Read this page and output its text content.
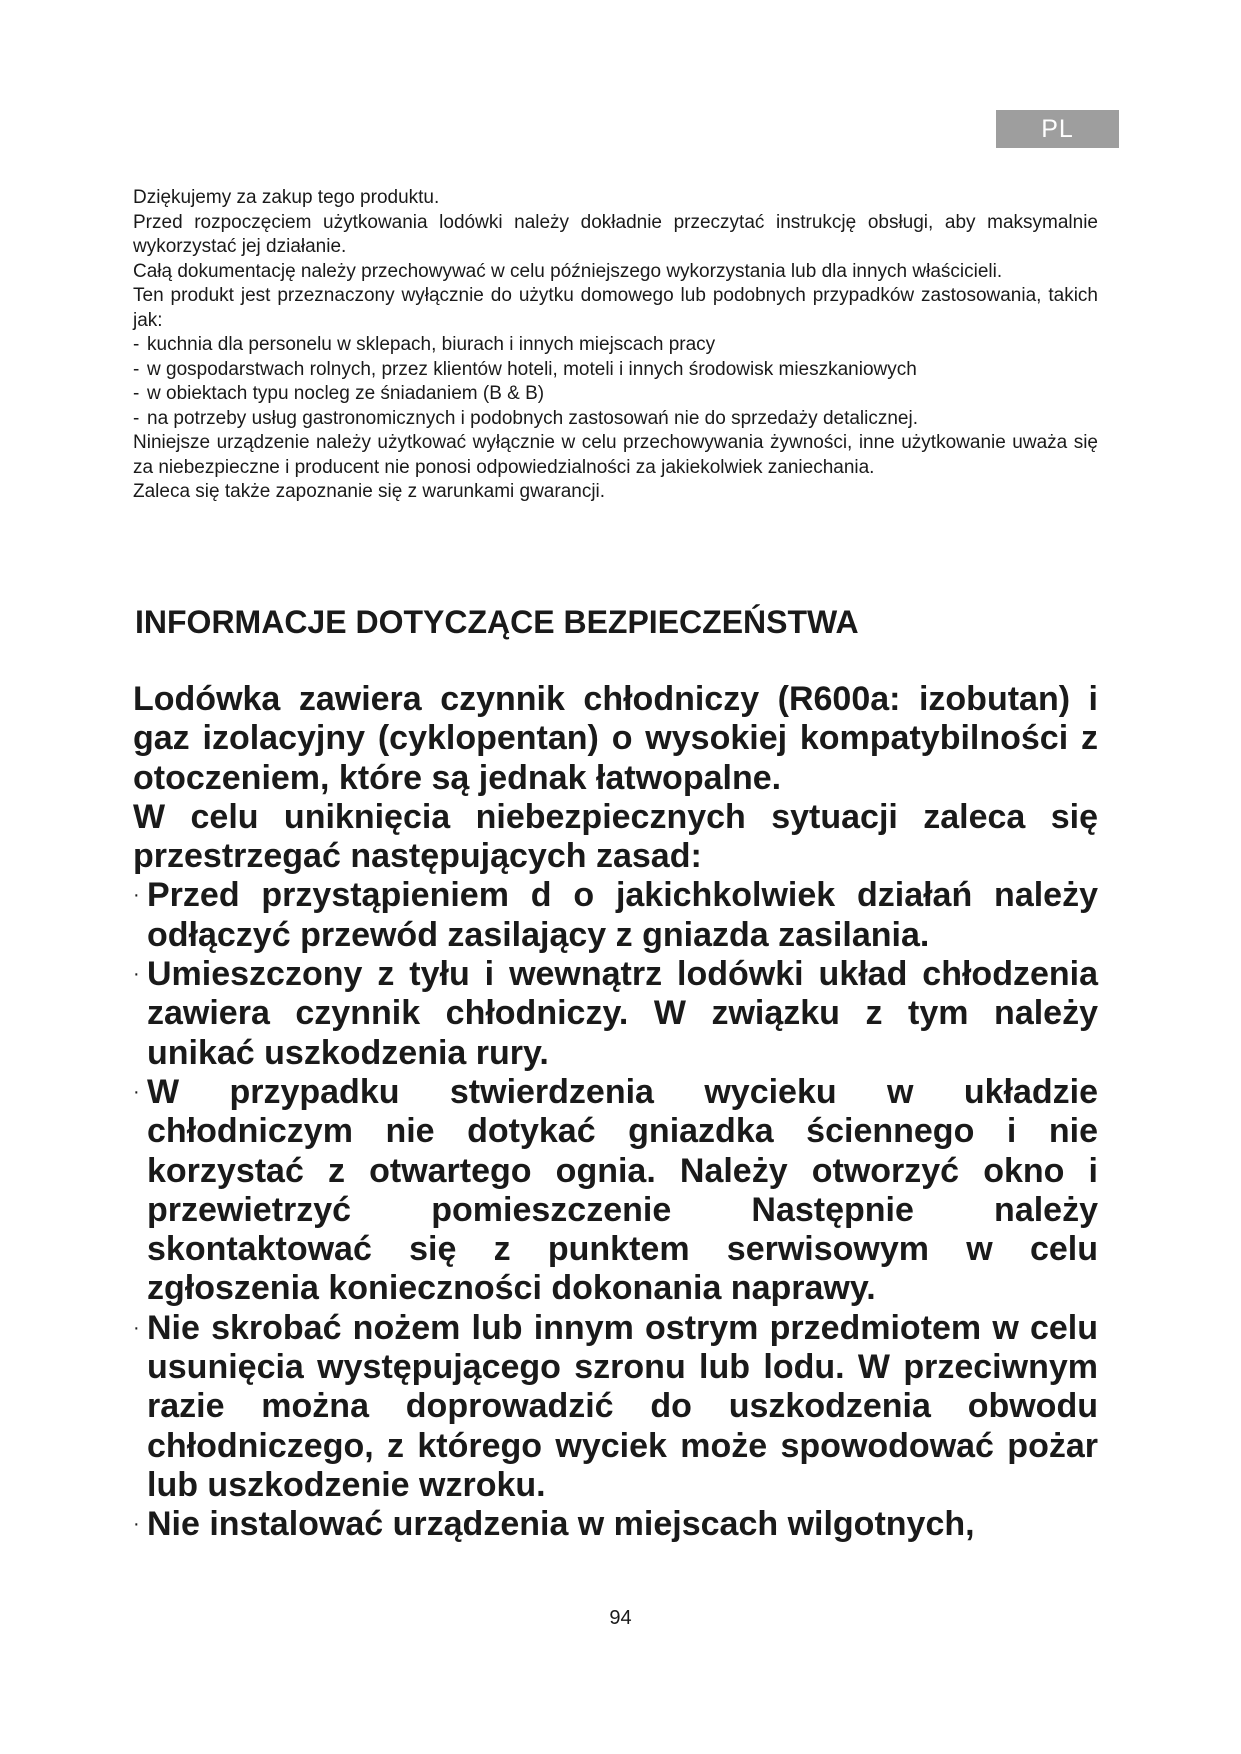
PL

Dziękujemy za zakup tego produktu.

Przed rozpoczęciem użytkowania lodówki należy dokładnie przeczytać instrukcję obsługi, aby maksymalnie wykorzystać jej działanie.

Całą dokumentację należy przechowywać w celu późniejszego wykorzystania lub dla innych właścicieli.

Ten produkt jest przeznaczony wyłącznie do użytku domowego lub podobnych przypadków zastosowania, takich jak:

- kuchnia dla personelu w sklepach, biurach i innych miejscach pracy
- w gospodarstwach rolnych, przez klientów hoteli, moteli i innych środowisk mieszkaniowych
- w obiektach typu nocleg ze śniadaniem (B & B)
- na potrzeby usług gastronomicznych i podobnych zastosowań nie do sprzedaży detalicznej.

Niniejsze urządzenie należy użytkować wyłącznie w celu przechowywania żywności, inne użytkowanie uważa się za niebezpieczne i producent nie ponosi odpowiedzialności za jakiekolwiek zaniechania.

Zaleca się także zapoznanie się z warunkami gwarancji.

INFORMACJE DOTYCZĄCE BEZPIECZEŃSTWA

Lodówka zawiera czynnik chłodniczy (R600a: izobutan) i gaz izolacyjny (cyklopentan) o wysokiej kompatybilności z otoczeniem, które są jednak łatwopalne.

W celu uniknięcia niebezpiecznych sytuacji zaleca się przestrzegać następujących zasad:

· Przed przystąpieniem d o jakichkolwiek działań należy odłączyć przewód zasilający z gniazda zasilania.
· Umieszczony z tyłu i wewnątrz lodówki układ chłodzenia zawiera czynnik chłodniczy. W związku z tym należy unikać uszkodzenia rury.
· W przypadku stwierdzenia wycieku w układzie chłodniczym nie dotykać gniazdka ściennego i nie korzystać z otwartego ognia. Należy otworzyć okno i przewietrzyć pomieszczenie Następnie należy skontaktować się z punktem serwisowym w celu zgłoszenia konieczności dokonania naprawy.
· Nie skrobać nożem lub innym ostrym przedmiotem w celu usunięcia występującego szronu lub lodu. W przeciwnym razie można doprowadzić do uszkodzenia obwodu chłodniczego, z którego wyciek może spowodować pożar lub uszkodzenie wzroku.
· Nie instalować urządzenia w miejscach wilgotnych,
94
